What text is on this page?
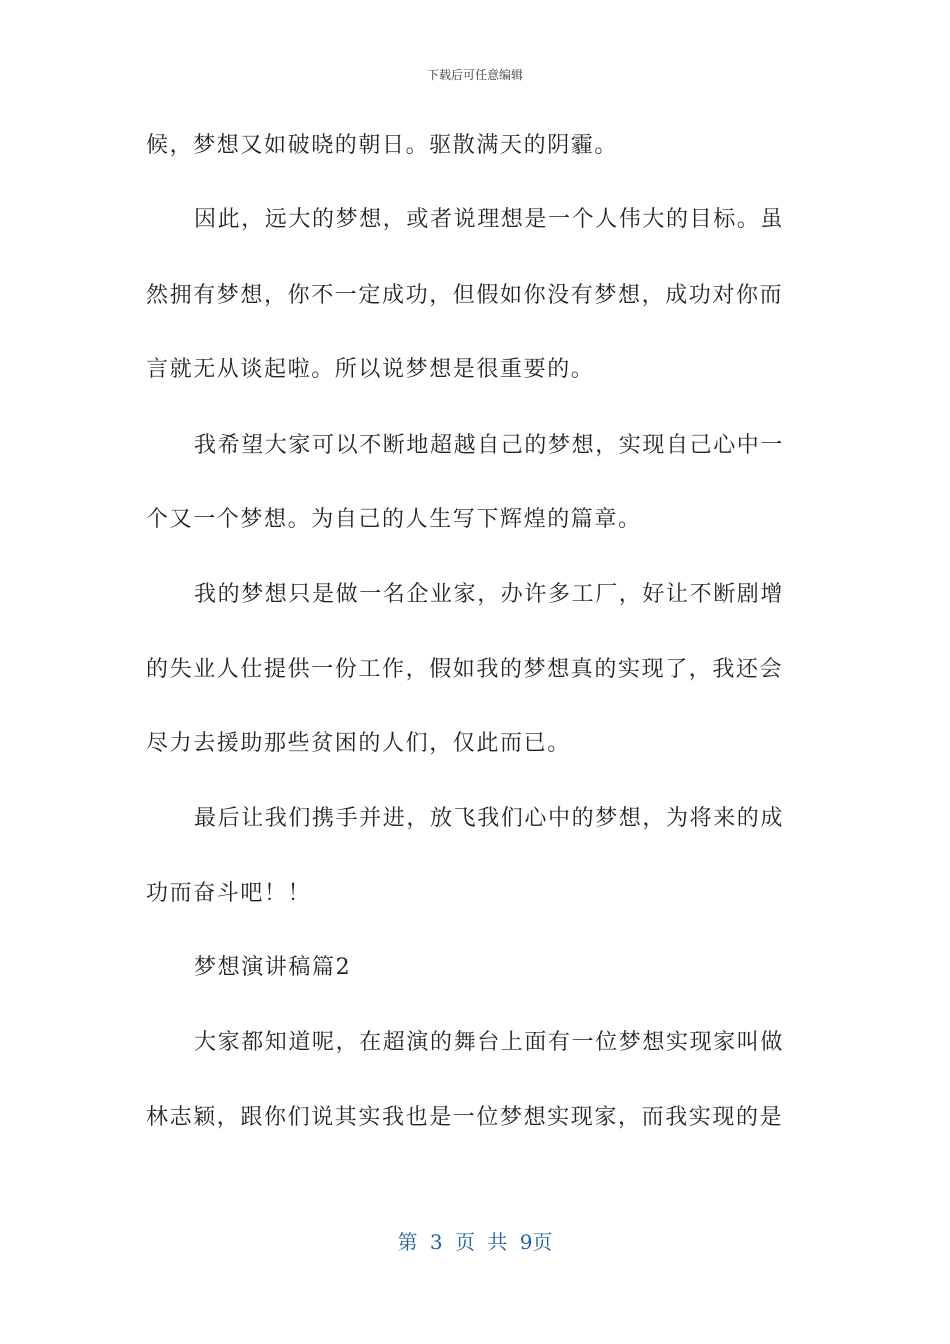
下载后可任意编辑
候，梦想又如破晓的朝日。驱散满天的阴霾。
因此，远大的梦想，或者说理想是一个人伟大的目标。虽
然拥有梦想，你不一定成功，但假如你没有梦想，成功对你而
言就无从谈起啦。所以说梦想是很重要的。
我希望大家可以不断地超越自己的梦想，实现自己心中一
个又一个梦想。为自己的人生写下辉煌的篇章。
我的梦想只是做一名企业家，办许多工厂，好让不断剧增
的失业人仕提供一份工作，假如我的梦想真的实现了，我还会
尽力去援助那些贫困的人们，仅此而已。
最后让我们携手并进，放飞我们心中的梦想，为将来的成
功而奋斗吧！！
梦想演讲稿篇2
大家都知道呢，在超演的舞台上面有一位梦想实现家叫做
林志颖，跟你们说其实我也是一位梦想实现家，而我实现的是
第 3 页 共 9页
